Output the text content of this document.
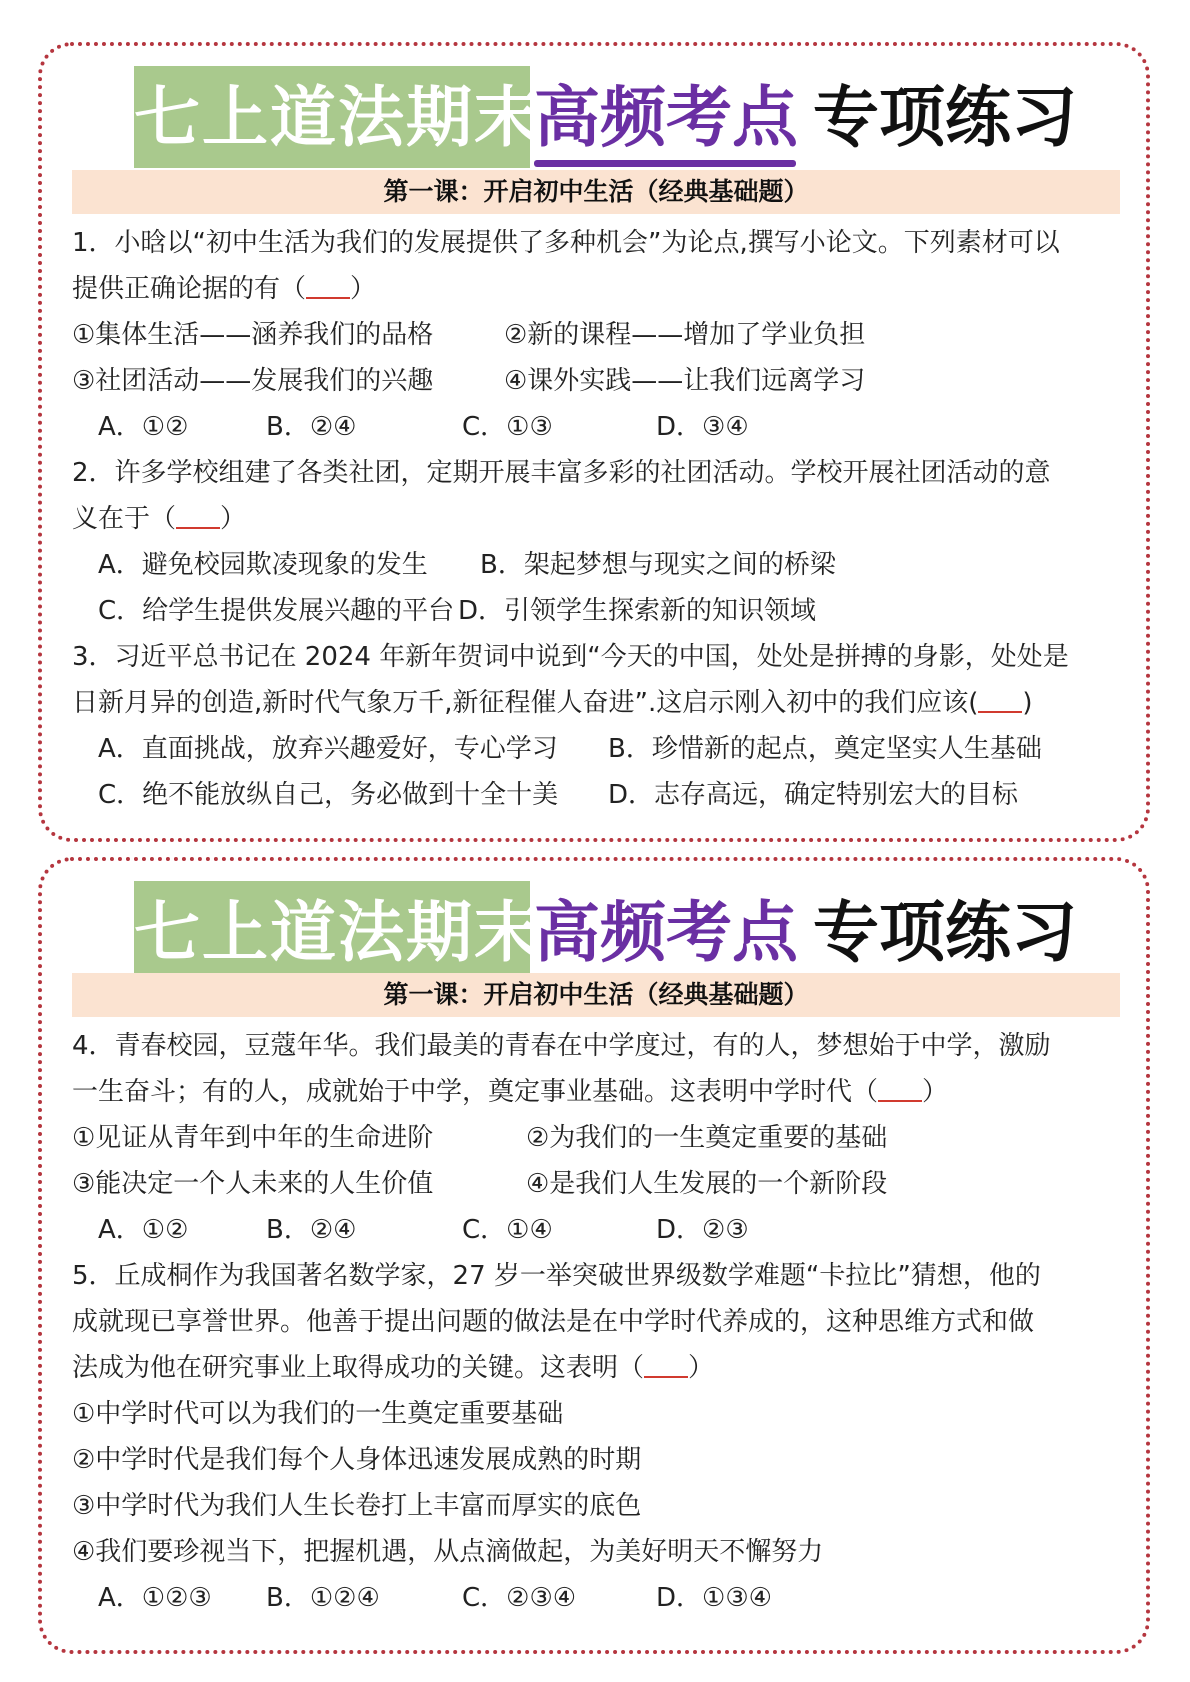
七上道法期末
高频考点 专项练习
第一课：开启初中生活（经典基础题）
1．小晗以“初中生活为我们的发展提供了多种机会”为论点,撰写小论文。下列素材可以
提供正确论据的有（ ）
①集体生活——涵养我们的品格	②新的课程——增加了学业负担
③社团活动——发展我们的兴趣	④课外实践——让我们远离学习
A．①②	B．②④	C．①③	D．③④
2．许多学校组建了各类社团，定期开展丰富多彩的社团活动。学校开展社团活动的意
义在于（ ）
A．避免校园欺凌现象的发生 B．架起梦想与现实之间的桥梁
C．给学生提供发展兴趣的平台 D．引领学生探索新的知识领域
3．习近平总书记在 2024 年新年贺词中说到“今天的中国，处处是拼搏的身影，处处是
日新月异的创造,新时代气象万千,新征程催人奋进”.这启示刚入初中的我们应该( )
A．直面挑战，放弃兴趣爱好，专心学习 B．珍惜新的起点，奠定坚实人生基础
C．绝不能放纵自己，务必做到十全十美 D．志存高远，确定特别宏大的目标
七上道法期末
高频考点 专项练习
第一课：开启初中生活（经典基础题）
4．青春校园，豆蔻年华。我们最美的青春在中学度过，有的人，梦想始于中学，激励
一生奋斗；有的人，成就始于中学，奠定事业基础。这表明中学时代（ ）
①见证从青年到中年的生命进阶	②为我们的一生奠定重要的基础
③能决定一个人未来的人生价值	④是我们人生发展的一个新阶段
A．①②	B．②④	C．①④	D．②③
5．丘成桐作为我国著名数学家，27 岁一举突破世界级数学难题“卡拉比”猜想，他的
成就现已享誉世界。他善于提出问题的做法是在中学时代养成的，这种思维方式和做
法成为他在研究事业上取得成功的关键。这表明（ ）
①中学时代可以为我们的一生奠定重要基础
②中学时代是我们每个人身体迅速发展成熟的时期
③中学时代为我们人生长卷打上丰富而厚实的底色
④我们要珍视当下，把握机遇，从点滴做起，为美好明天不懈努力
A．①②③ B．①②④	C．②③④	D．①③④
